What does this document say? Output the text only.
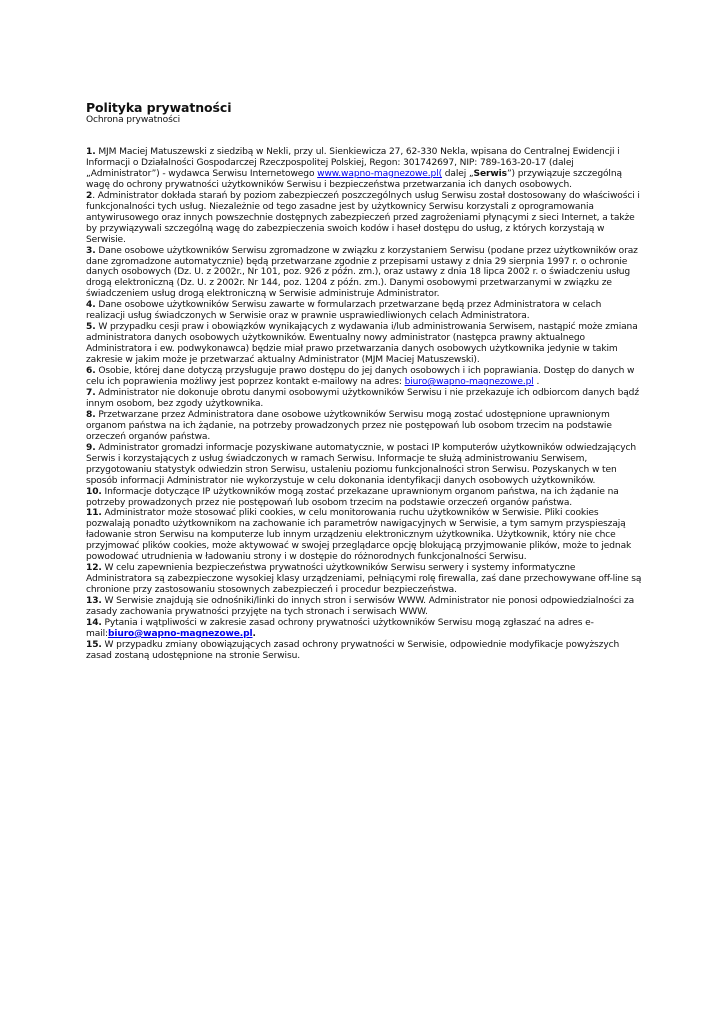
Polityka prywatności

Ochrona prywatności

1. MJM Maciej Matuszewski z siedzibą w Nekli, przy ul. Sienkiewicza 27, 62-330 Nekla, wpisana do Centralnej Ewidencji i Informacji o Działalności Gospodarczej Rzeczpospolitej Polskiej, Regon: 301742697, NIP: 789-163-20-17 (dalej „Administrator”) - wydawca Serwisu Internetowego www.wapno-magnezowe.pl( dalej „Serwis”) przywiązuje szczególną wagę do ochrony prywatności użytkowników Serwisu i bezpieczeństwa przetwarzania ich danych osobowych.

2. Administrator dokłada starań by poziom zabezpieczeń poszczególnych usług Serwisu został dostosowany do właściwości i funkcjonalności tych usług. Niezależnie od tego zasadne jest by użytkownicy Serwisu korzystali z oprogramowania antywirusowego oraz innych powszechnie dostępnych zabezpieczeń przed zagrożeniami płynącymi z sieci Internet, a także by przywiązywali szczególną wagę do zabezpieczenia swoich kodów i haseł dostępu do usług, z których korzystają w Serwisie.

3. Dane osobowe użytkowników Serwisu zgromadzone w związku z korzystaniem Serwisu (podane przez użytkowników oraz dane zgromadzone automatycznie) będą przetwarzane zgodnie z przepisami ustawy z dnia 29 sierpnia 1997 r. o ochronie danych osobowych (Dz. U. z 2002r., Nr 101, poz. 926 z późn. zm.), oraz ustawy z dnia 18 lipca 2002 r. o świadczeniu usług drogą elektroniczną (Dz. U. z 2002r. Nr 144, poz. 1204 z późn. zm.). Danymi osobowymi przetwarzanymi w związku ze świadczeniem usług drogą elektroniczną w Serwisie administruje Administrator.

4. Dane osobowe użytkowników Serwisu zawarte w formularzach przetwarzane będą przez Administratora w celach realizacji usług świadczonych w Serwisie oraz w prawnie usprawiedliwionych celach Administratora.

5. W przypadku cesji praw i obowiązków wynikających z wydawania i/lub administrowania Serwisem, nastąpić może zmiana administratora danych osobowych użytkowników. Ewentualny nowy administrator (następca prawny aktualnego Administratora i ew. podwykonawca) będzie miał prawo przetwarzania danych osobowych użytkownika jedynie w takim zakresie w jakim może je przetwarzać aktualny Administrator (MJM Maciej Matuszewski).

6. Osobie, której dane dotyczą przysługuje prawo dostępu do jej danych osobowych i ich poprawiania. Dostęp do danych w celu ich poprawienia możliwy jest poprzez kontakt e-mailowy na adres: biuro@wapno-magnezowe.pl .

7. Administrator nie dokonuje obrotu danymi osobowymi użytkowników Serwisu i nie przekazuje ich odbiorcom danych bądź innym osobom, bez zgody użytkownika.

8. Przetwarzane przez Administratora dane osobowe użytkowników Serwisu mogą zostać udostępnione uprawnionym organom państwa na ich żądanie, na potrzeby prowadzonych przez nie postępowań lub osobom trzecim na podstawie orzeczeń organów państwa.

9. Administrator gromadzi informacje pozyskiwane automatycznie, w postaci IP komputerów użytkowników odwiedzających Serwis i korzystających z usług świadczonych w ramach Serwisu. Informacje te służą administrowaniu Serwisem, przygotowaniu statystyk odwiedzin stron Serwisu, ustaleniu poziomu funkcjonalności stron Serwisu. Pozyskanych w ten sposób informacji Administrator nie wykorzystuje w celu dokonania identyfikacji danych osobowych użytkowników.

10. Informacje dotyczące IP użytkowników mogą zostać przekazane uprawnionym organom państwa, na ich żądanie na potrzeby prowadzonych przez nie postępowań lub osobom trzecim na podstawie orzeczeń organów państwa.

11. Administrator może stosować pliki cookies, w celu monitorowania ruchu użytkowników w Serwisie. Pliki cookies pozwalają ponadto użytkownikom na zachowanie ich parametrów nawigacyjnych w Serwisie, a tym samym przyspieszają ładowanie stron Serwisu na komputerze lub innym urządzeniu elektronicznym użytkownika. Użytkownik, który nie chce przyjmować plików cookies, może aktywować w swojej przeglądarce opcję blokującą przyjmowanie plików, może to jednak powodować utrudnienia w ładowaniu strony i w dostępie do różnorodnych funkcjonalności Serwisu.

12. W celu zapewnienia bezpieczeństwa prywatności użytkowników Serwisu serwery i systemy informatyczne Administratora są zabezpieczone wysokiej klasy urządzeniami, pełniącymi rolę firewalla, zaś dane przechowywane off-line są chronione przy zastosowaniu stosownych zabezpieczeń i procedur bezpieczeństwa.

13. W Serwisie znajdują sie odnośniki/linki do innych stron i serwisów WWW. Administrator nie ponosi odpowiedzialności za zasady zachowania prywatności przyjęte na tych stronach i serwisach WWW.

14. Pytania i wątpliwości w zakresie zasad ochrony prywatności użytkowników Serwisu mogą zgłaszać na adres e-mail:biuro@wapno-magnezowe.pl.

15. W przypadku zmiany obowiązujących zasad ochrony prywatności w Serwisie, odpowiednie modyfikacje powyższych zasad zostaną udostępnione na stronie Serwisu.
